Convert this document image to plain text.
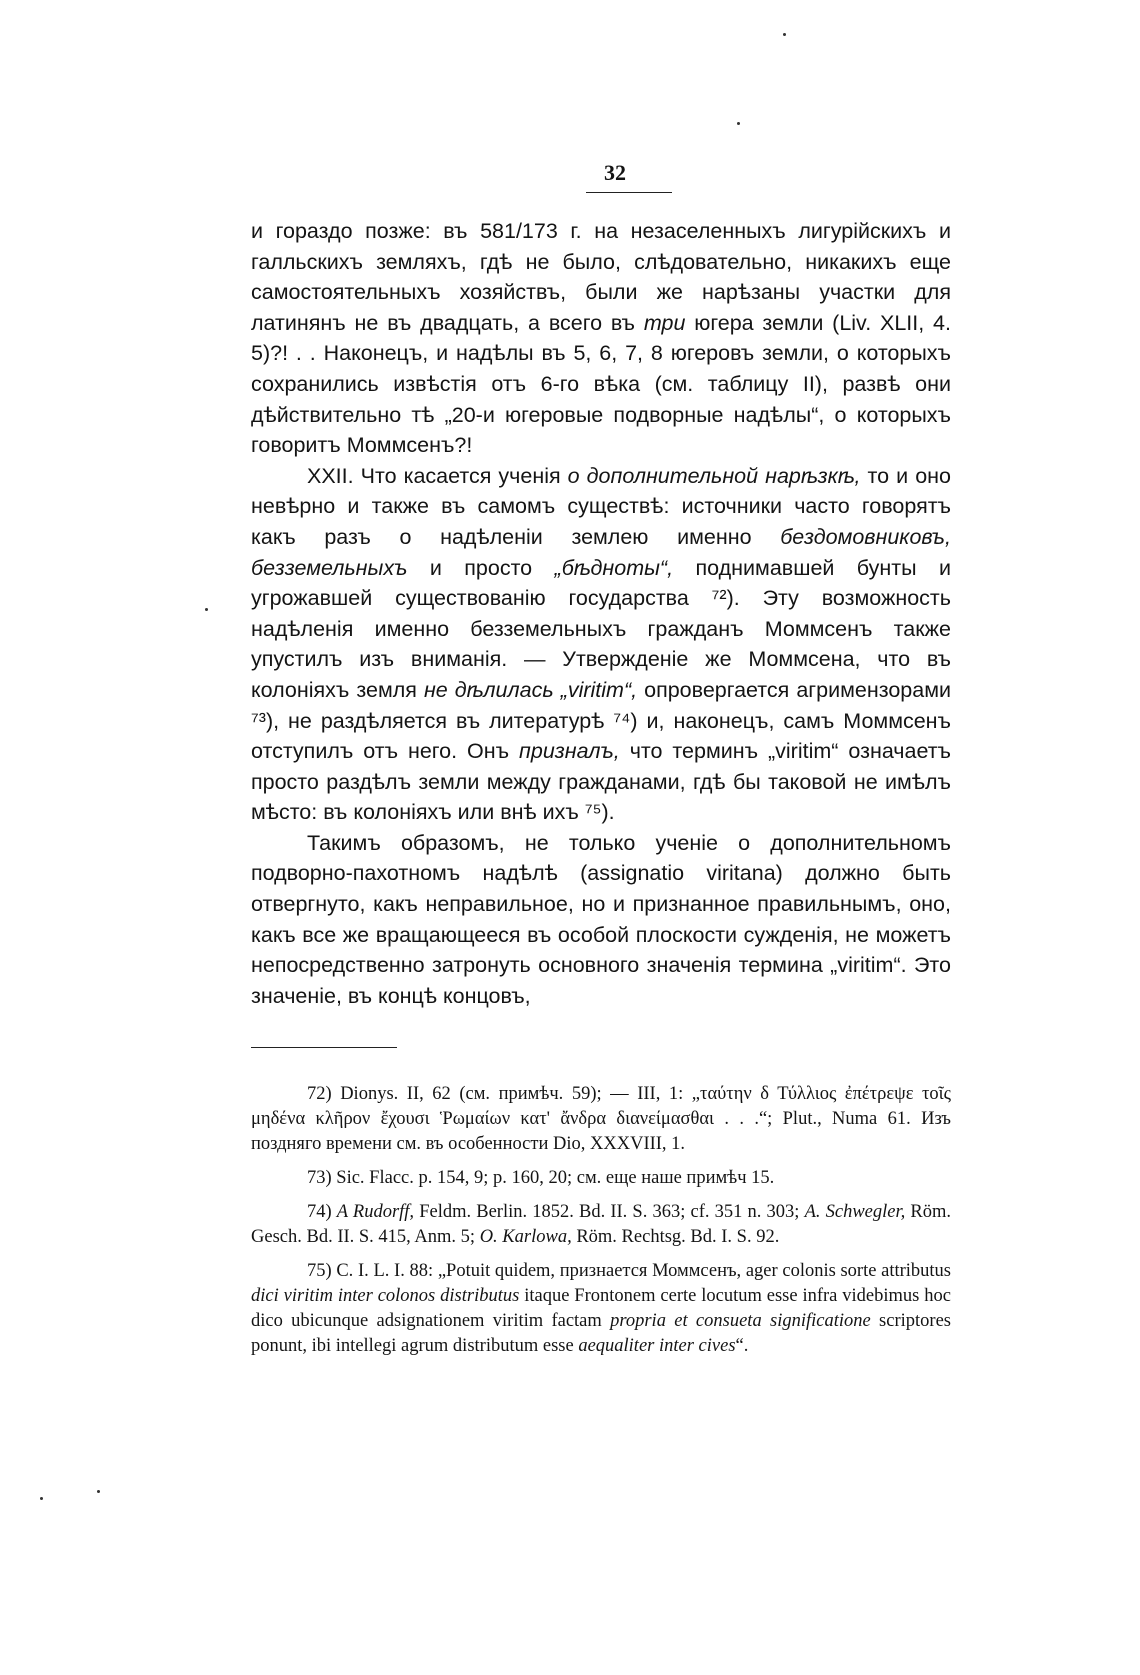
32

и гораздо позже: въ 581/173 г. на незаселенныхъ лигурійскихъ и галльскихъ земляхъ, гдѣ не было, слѣдовательно, никакихъ еще самостоятельныхъ хозяйствъ, были же нарѣзаны участки для латинянъ не въ двадцать, а всего въ три югера земли (Liv. XLII, 4. 5)?! . . Наконецъ, и надѣлы въ 5, 6, 7, 8 югеровъ земли, о которыхъ сохранились извѣстія отъ 6-го вѣка (см. таблицу II), развѣ они дѣйствительно тѣ „20-и югеровые подворные надѣлы“, о которыхъ говоритъ Моммсенъ?!

XXII. Что касается ученія о дополнительной нарѣзкѣ, то и оно невѣрно и также въ самомъ существѣ: источники часто говорятъ какъ разъ о надѣленіи землею именно бездомовниковъ, безземельныхъ и просто „бѣдноты“, поднимавшей бунты и угрожавшей существованію государства ⁷²). Эту возможность надѣленія именно безземельныхъ гражданъ Моммсенъ также упустилъ изъ вниманія. — Утвержденіе же Моммсена, что въ колоніяхъ земля не дѣлилась „viritim“, опровергается агримензорами ⁷³), не раздѣляется въ литературѣ ⁷⁴) и, наконецъ, самъ Моммсенъ отступилъ отъ него. Онъ призналъ, что терминъ „viritim“ означаетъ просто раздѣлъ земли между гражданами, гдѣ бы таковой не имѣлъ мѣсто: въ колоніяхъ или внѣ ихъ ⁷⁵).

Такимъ образомъ, не только ученіе о дополнительномъ подворно-пахотномъ надѣлѣ (assignatio viritana) должно быть отвергнуто, какъ неправильное, но и признанное правильнымъ, оно, какъ все же вращающееся въ особой плоскости сужденія, не можетъ непосредственно затронуть основного значенія термина „viritim“. Это значеніе, въ концѣ концовъ,

72) Dionys. II, 62 (см. примѣч. 59); — III, 1: „ταύτην δ Τύλλιος ἐπέτρεψε τοῖς μηδένα κλῆρον ἔχουσι Ῥωμαίων κατ' ἄνδρα διανείμασθαι . . .“; Plut., Numa 61. Изъ поздняго времени см. въ особенности Dio, XXXVIII, 1.

73) Sic. Flacc. p. 154, 9; p. 160, 20; см. еще наше примѣч 15.

74) A Rudorff, Feldm. Berlin. 1852. Bd. II. S. 363; cf. 351 n. 303; A. Schwegler, Röm. Gesch. Bd. II. S. 415, Anm. 5; O. Karlowa, Röm. Rechtsg. Bd. I. S. 92.

75) C. I. L. I. 88: „Potuit quidem, признается Моммсенъ, ager colonis sorte attributus dici viritim inter colonos distributus itaque Frontonem certe locutum esse infra videbimus hoc dico ubicunque adsignationem viritim factam propria et consueta significatione scriptores ponunt, ibi intellegi agrum distributum esse aequaliter inter cives“.
